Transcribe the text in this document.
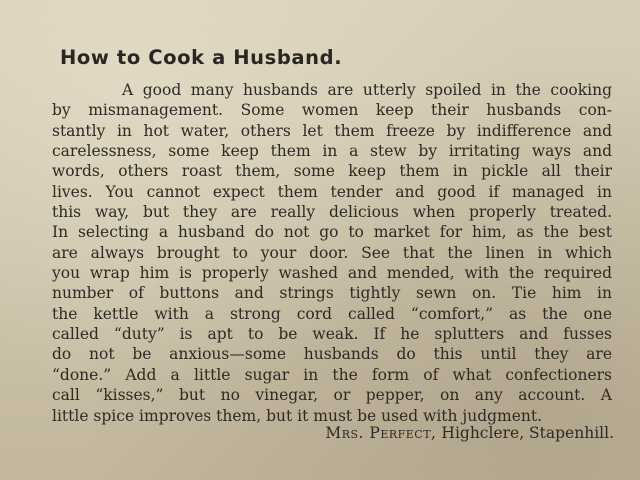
How to Cook a Husband.
A good many husbands are utterly spoiled in the cooking
by mismanagement. Some women keep their husbands con-
stantly in hot water, others let them freeze by indifference and
carelessness, some keep them in a stew by irritating ways and
words, others roast them, some keep them in pickle all their
lives. You cannot expect them tender and good if managed in
this way, but they are really delicious when properly treated.
In selecting a husband do not go to market for him, as the best
are always brought to your door. See that the linen in which
you wrap him is properly washed and mended, with the required
number of buttons and strings tightly sewn on. Tie him in
the kettle with a strong cord called “comfort,” as the one
called “duty” is apt to be weak. If he splutters and fusses
do not be anxious—some husbands do this until they are
“done.” Add a little sugar in the form of what confectioners
call “kisses,” but no vinegar, or pepper, on any account. A
little spice improves them, but it must be used with judgment.
Mrs. Perfect, Highclere, Stapenhill.
